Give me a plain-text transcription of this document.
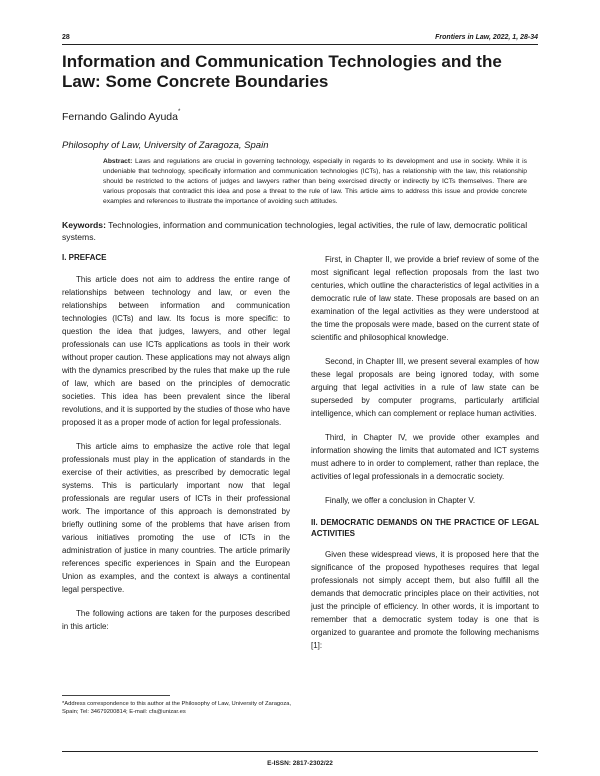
28	Frontiers in Law, 2022, 1, 28-34
Information and Communication Technologies and the Law: Some Concrete Boundaries
Fernando Galindo Ayuda*
Philosophy of Law, University of Zaragoza, Spain
Abstract: Laws and regulations are crucial in governing technology, especially in regards to its development and use in society. While it is undeniable that technology, specifically information and communication technologies (ICTs), has a relationship with the law, this relationship should be restricted to the actions of judges and lawyers rather than being exercised directly or indirectly by ICTs themselves. There are various proposals that contradict this idea and pose a threat to the rule of law. This article aims to address this issue and provide concrete examples and references to illustrate the importance of avoiding such attitudes.
Keywords: Technologies, information and communication technologies, legal activities, the rule of law, democratic political systems.
I. PREFACE

This article does not aim to address the entire range of relationships between technology and law, or even the relationships between information and communication technologies (ICTs) and law. Its focus is more specific: to question the idea that judges, lawyers, and other legal professionals can use ICTs applications as tools in their work without proper caution. These applications may not always align with the dynamics prescribed by the rules that make up the rule of law, which are based on the principles of democratic societies. This idea has been prevalent since the liberal revolutions, and it is supported by the studies of those who have proposed it as a proper mode of action for legal professionals.

This article aims to emphasize the active role that legal professionals must play in the application of standards in the exercise of their activities, as prescribed by democratic legal systems. This is particularly important now that legal professionals are regular users of ICTs in their professional work. The importance of this approach is demonstrated by briefly outlining some of the problems that have arisen from various initiatives promoting the use of ICTs in the administration of justice in many countries. The article primarily references specific experiences in Spain and the European Union as examples, and the context is always a continental legal perspective.

The following actions are taken for the purposes described in this article:

First, in Chapter II, we provide a brief review of some of the most significant legal reflection proposals from the last two centuries, which outline the characteristics of legal activities in a democratic rule of law state. These proposals are based on an examination of the legal activities as they were understood at the time the proposals were made, based on the current state of scientific and philosophical knowledge.

Second, in Chapter III, we present several examples of how these legal proposals are being ignored today, with some arguing that legal activities in a rule of law state can be superseded by computer programs, particularly artificial intelligence, which can complement or replace human activities.

Third, in Chapter IV, we provide other examples and information showing the limits that automated and ICT systems must adhere to in order to complement, rather than replace, the activities of legal professionals in a democratic society.

Finally, we offer a conclusion in Chapter V.

II. DEMOCRATIC DEMANDS ON THE PRACTICE OF LEGAL ACTIVITIES

Given these widespread views, it is proposed here that the significance of the proposed hypotheses requires that legal professionals not simply accept them, but also fulfill all the demands that democratic principles place on their activities, not just the principle of efficiency. In other words, it is important to remember that a democratic system today is one that is organized to guarantee and promote the following mechanisms [1]:

*Address correspondence to this author at the Philosophy of Law, University of Zaragoza, Spain; Tel: 34679200814; E-mail: cfa@unizar.es
E-ISSN: 2817-2302/22
